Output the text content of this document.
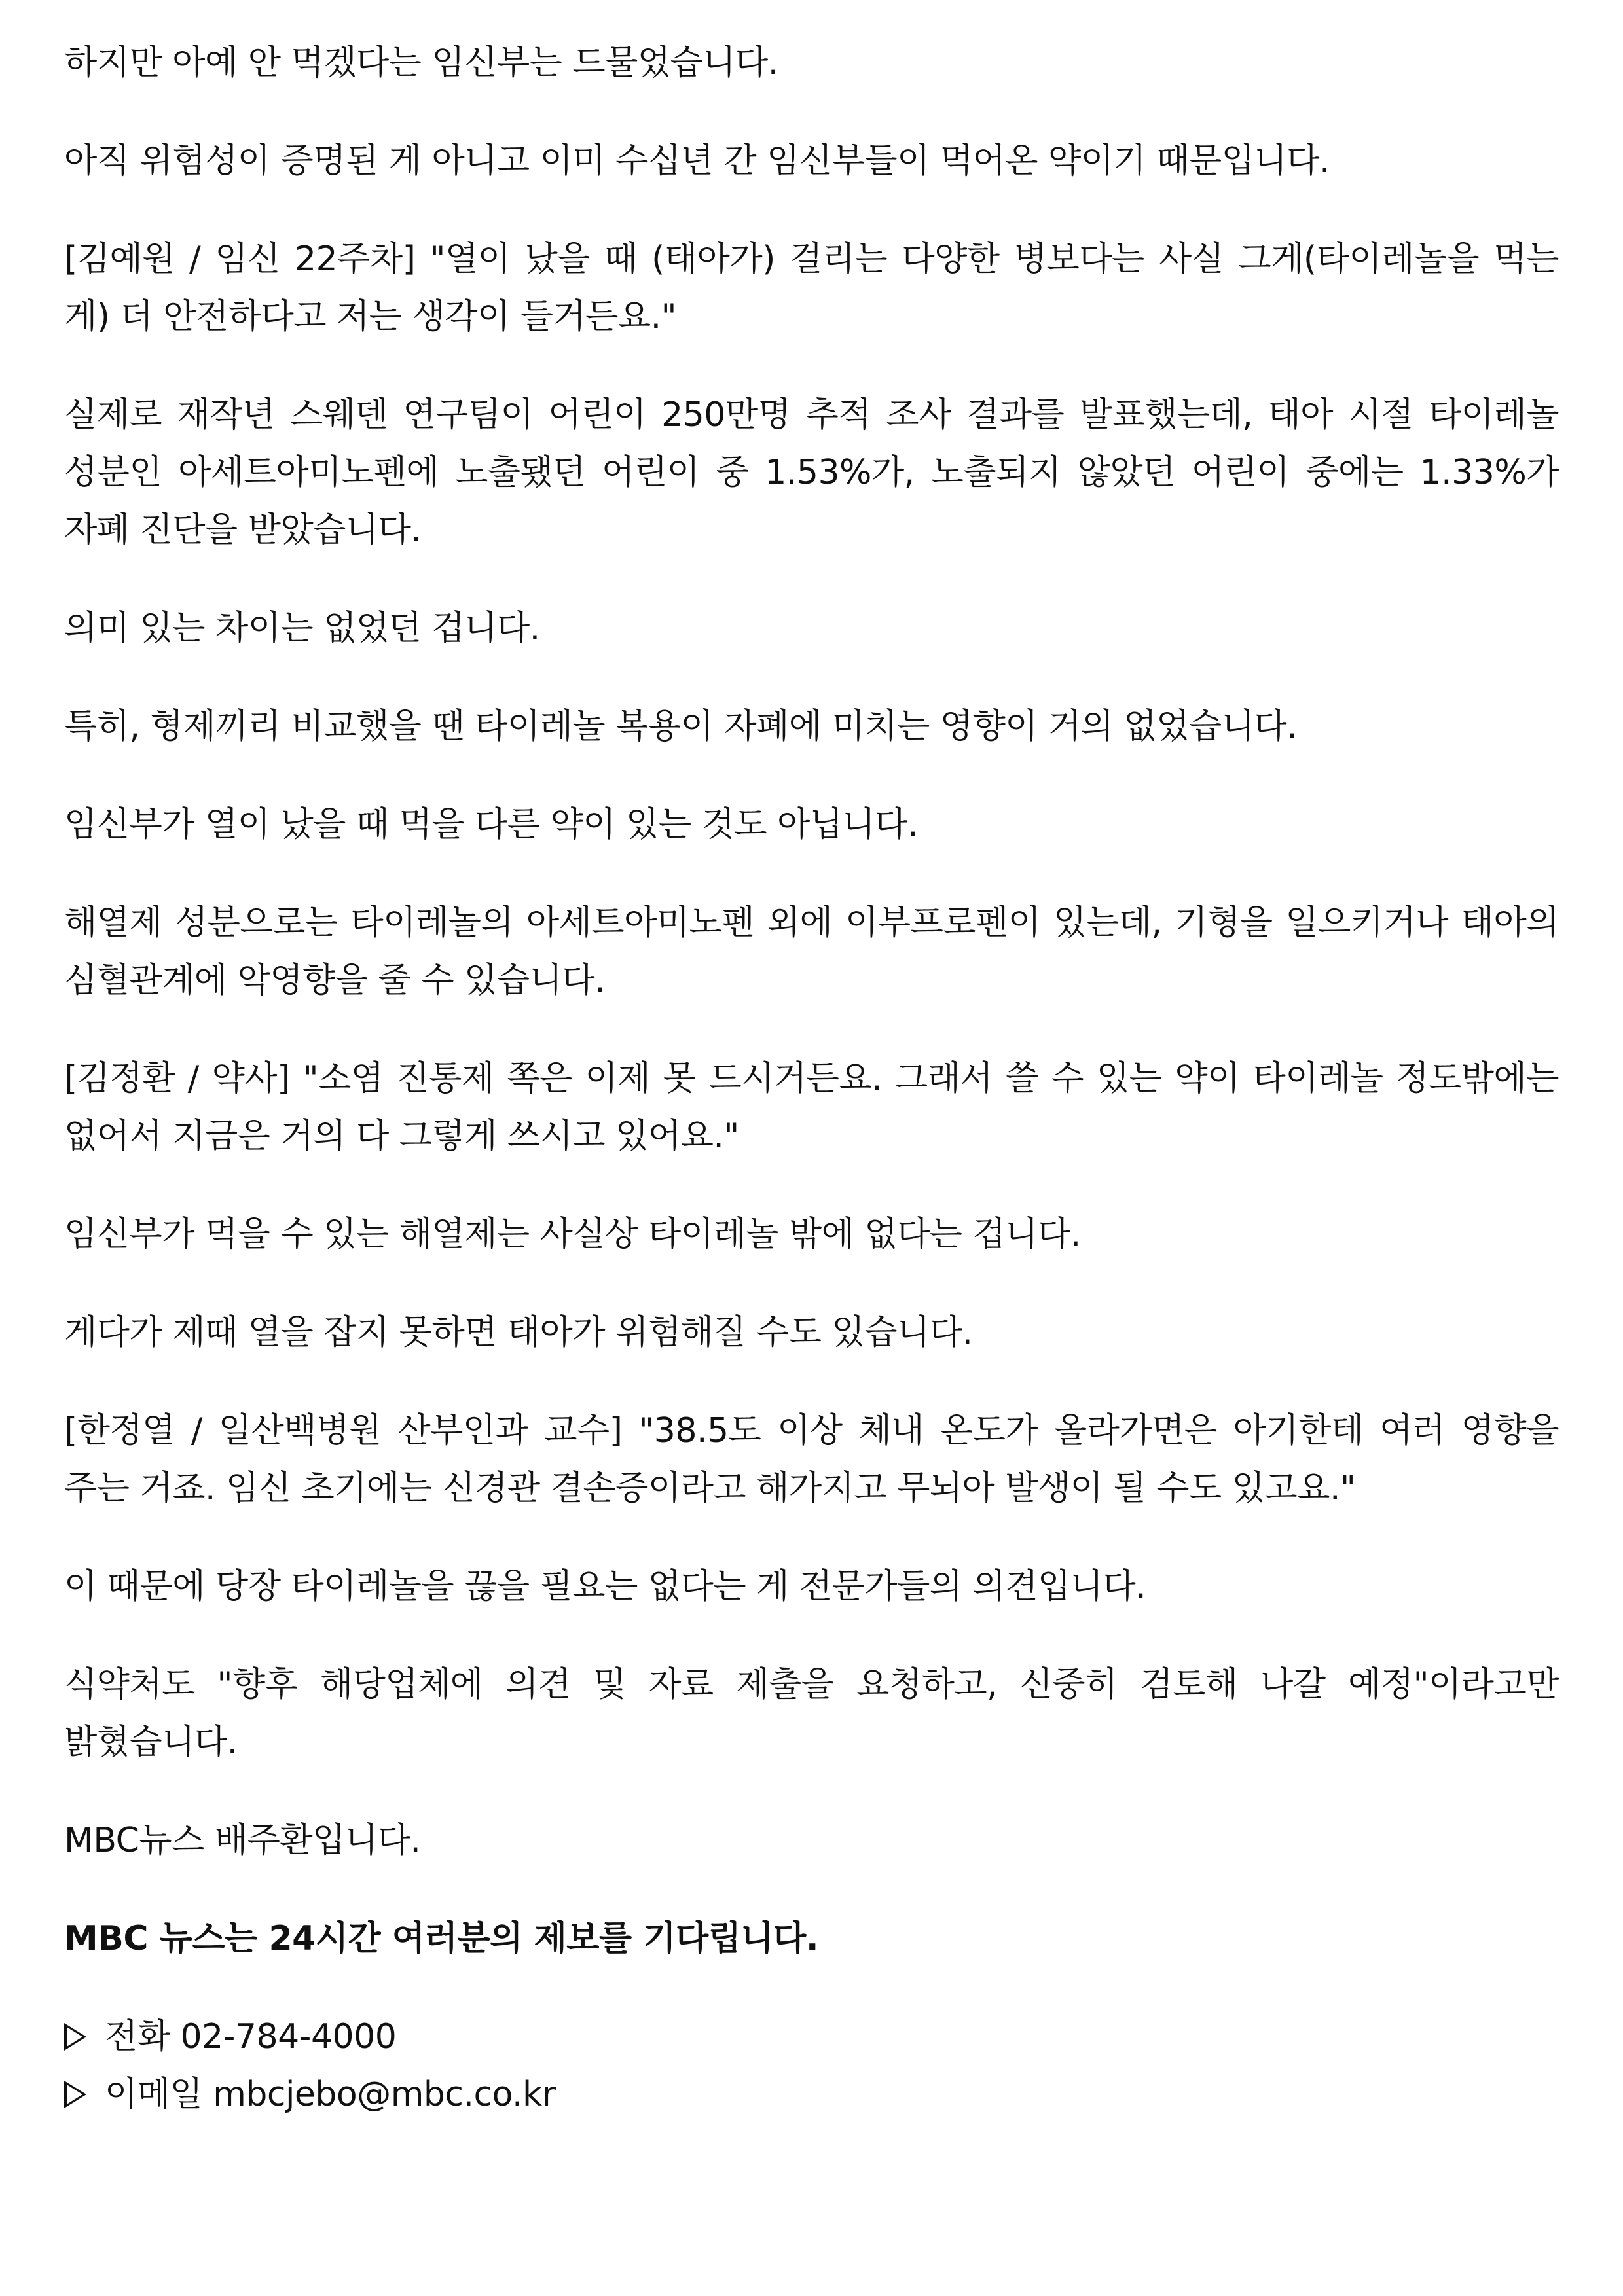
하지만 아예 안 먹겠다는 임신부는 드물었습니다.

아직 위험성이 증명된 게 아니고 이미 수십년 간 임신부들이 먹어온 약이기 때문입니다.

[김예원 / 임신 22주차] "열이 났을 때 (태아가) 걸리는 다양한 병보다는 사실 그게(타이레놀을 먹는 게) 더 안전하다고 저는 생각이 들거든요."

실제로 재작년 스웨덴 연구팀이 어린이 250만명 추적 조사 결과를 발표했는데, 태아 시절 타이레놀 성분인 아세트아미노펜에 노출됐던 어린이 중 1.53%가, 노출되지 않았던 어린이 중에는 1.33%가 자폐 진단을 받았습니다.

의미 있는 차이는 없었던 겁니다.

특히, 형제끼리 비교했을 땐 타이레놀 복용이 자폐에 미치는 영향이 거의 없었습니다.

임신부가 열이 났을 때 먹을 다른 약이 있는 것도 아닙니다.

해열제 성분으로는 타이레놀의 아세트아미노펜 외에 이부프로펜이 있는데, 기형을 일으키거나 태아의 심혈관계에 악영향을 줄 수 있습니다.

[김정환 / 약사] "소염 진통제 쪽은 이제 못 드시거든요. 그래서 쓸 수 있는 약이 타이레놀 정도밖에는 없어서 지금은 거의 다 그렇게 쓰시고 있어요."

임신부가 먹을 수 있는 해열제는 사실상 타이레놀 밖에 없다는 겁니다.

게다가 제때 열을 잡지 못하면 태아가 위험해질 수도 있습니다.

[한정열 / 일산백병원 산부인과 교수] "38.5도 이상 체내 온도가 올라가면은 아기한테 여러 영향을 주는 거죠. 임신 초기에는 신경관 결손증이라고 해가지고 무뇌아 발생이 될 수도 있고요."

이 때문에 당장 타이레놀을 끊을 필요는 없다는 게 전문가들의 의견입니다.

식약처도 "향후 해당업체에 의견 및 자료 제출을 요청하고, 신중히 검토해 나갈 예정"이라고만 밝혔습니다.

MBC뉴스 배주환입니다.

MBC 뉴스는 24시간 여러분의 제보를 기다립니다.

전화 02-784-4000
이메일 mbcjebo@mbc.co.kr
